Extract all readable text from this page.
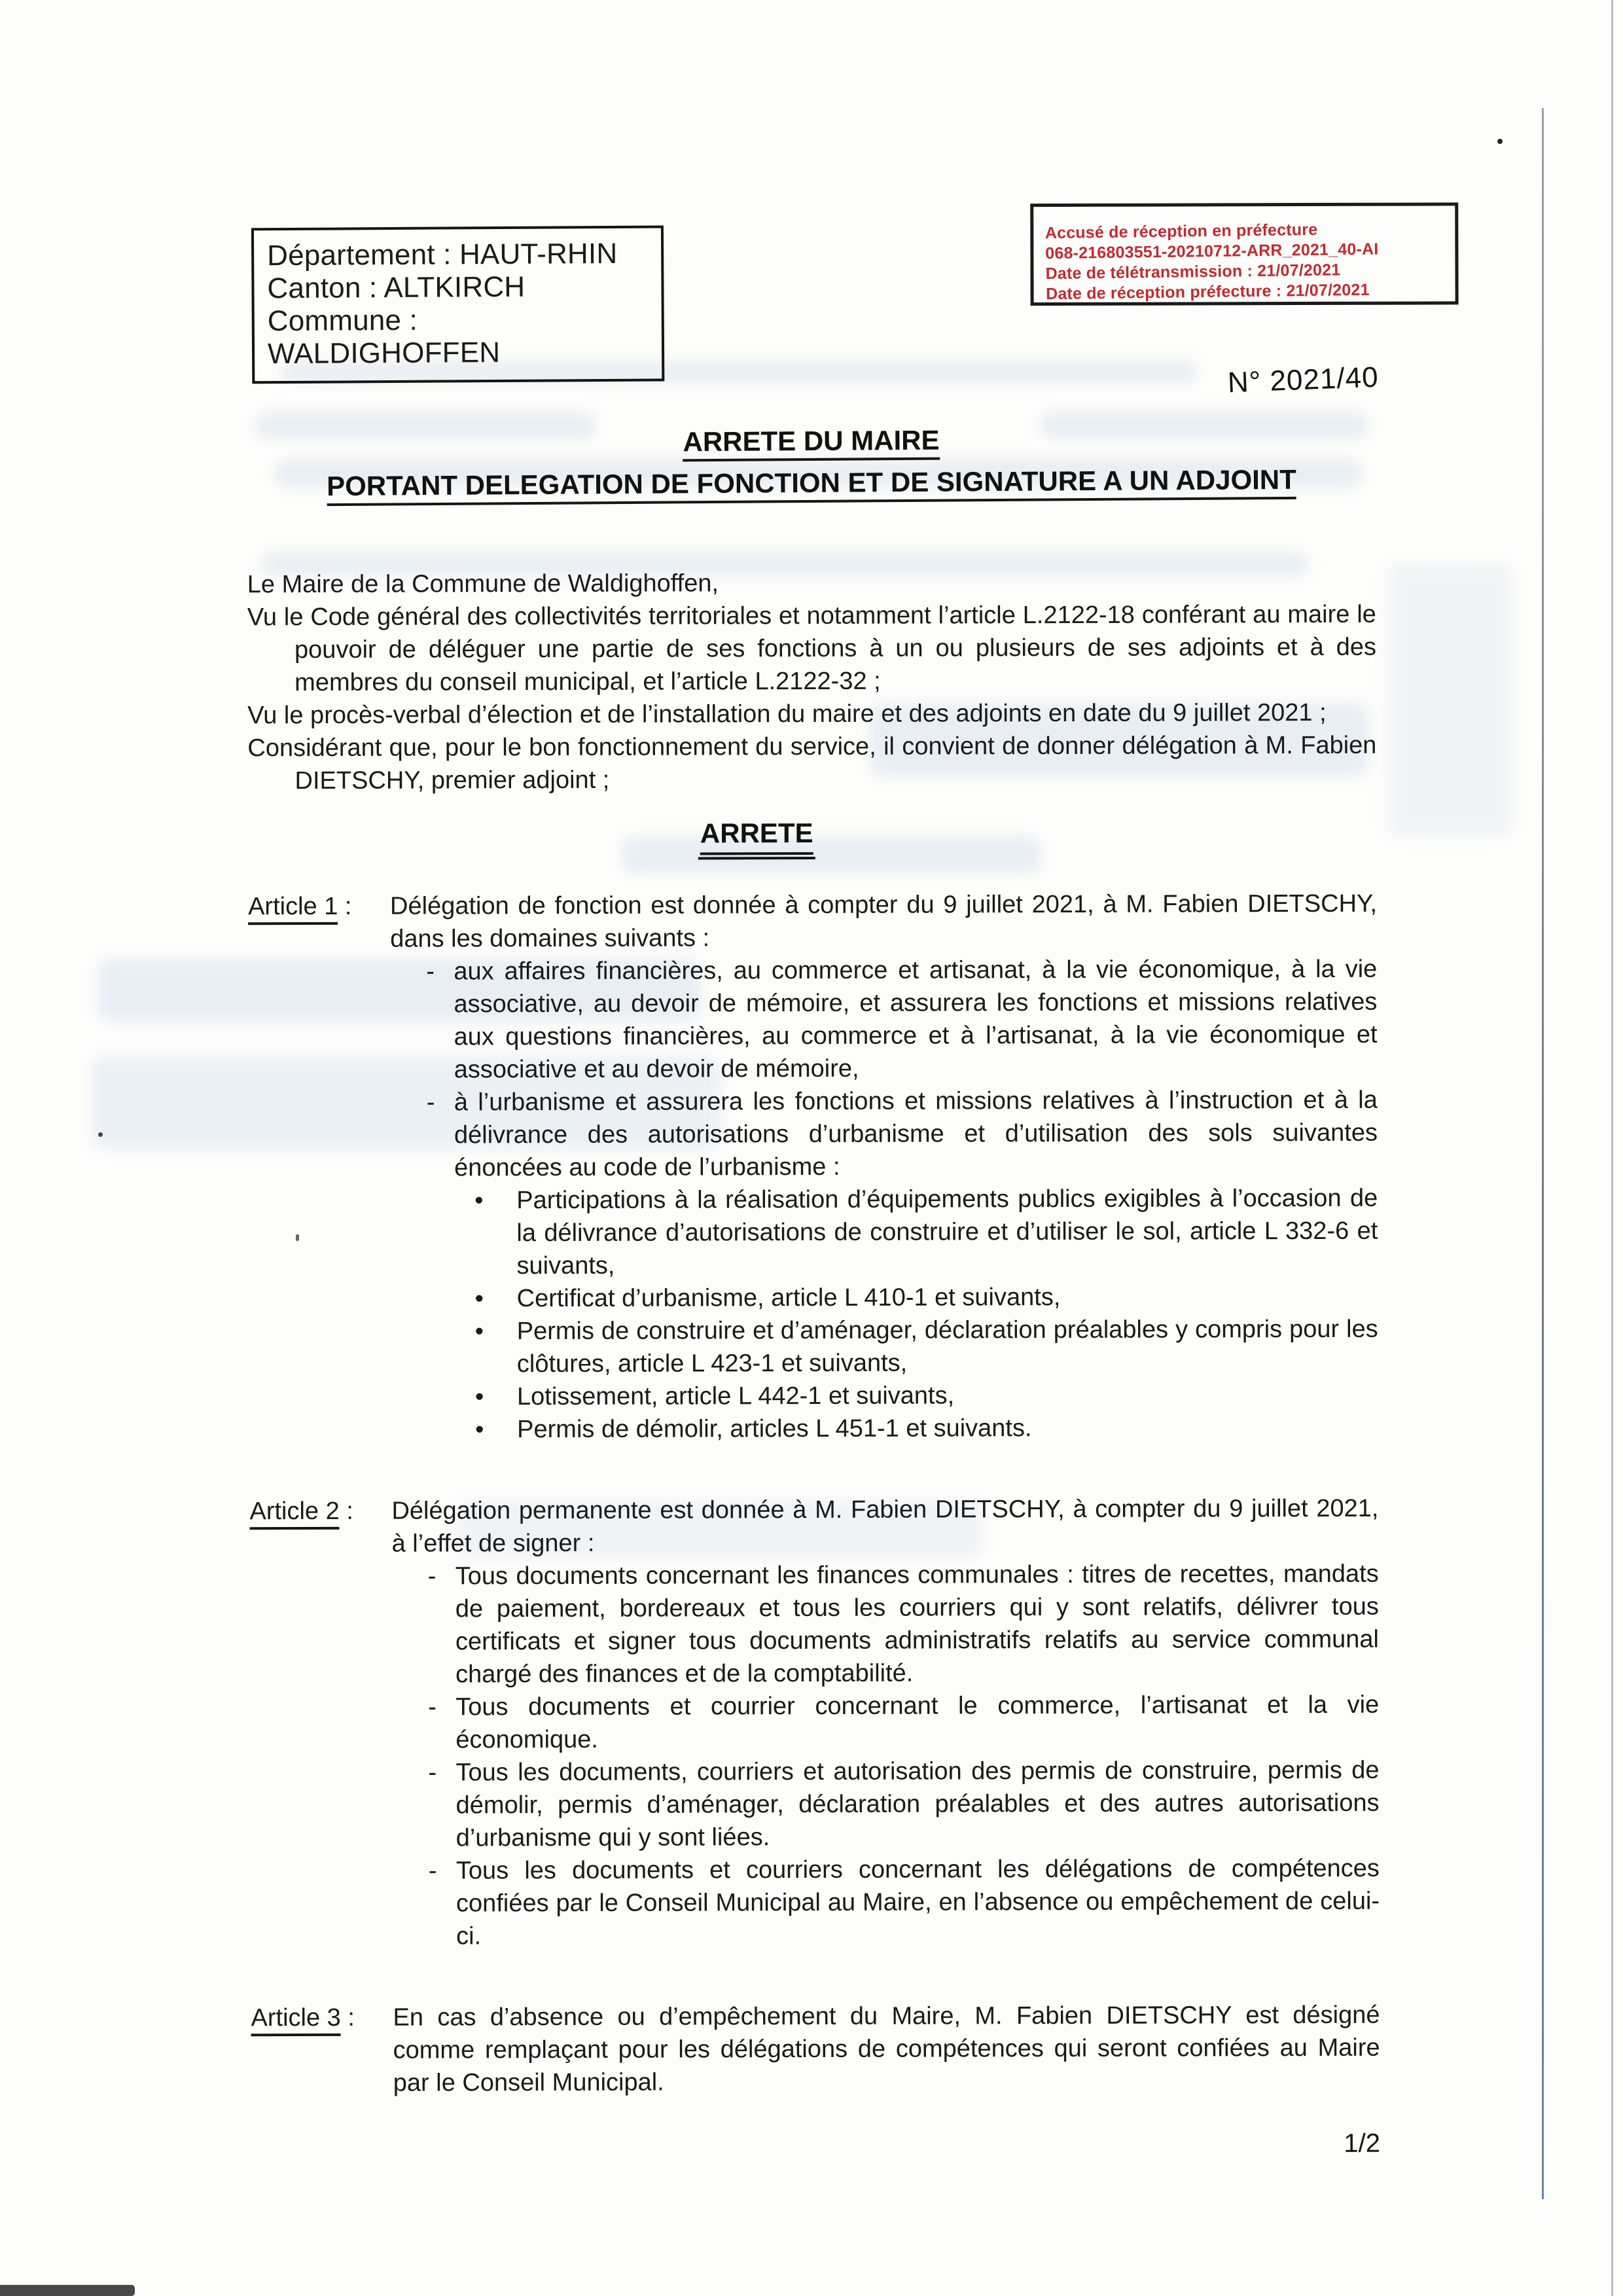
Département : HAUT-RHIN
Canton : ALTKIRCH
Commune : WALDIGHOFFEN
Accusé de réception en préfecture
068-216803551-20210712-ARR_2021_40-AI
Date de télétransmission : 21/07/2021
Date de réception préfecture : 21/07/2021
N° 2021/40
ARRETE DU MAIRE
PORTANT DELEGATION DE FONCTION ET DE SIGNATURE A UN ADJOINT

Le Maire de la Commune de Waldighoffen,

Vu le Code général des collectivités territoriales et notamment l’article L.2122-18 conférant au maire le pouvoir de déléguer une partie de ses fonctions à un ou plusieurs de ses adjoints et à des membres du conseil municipal, et l’article L.2122-32 ;

Vu le procès-verbal d’élection et de l’installation du maire et des adjoints en date du 9 juillet 2021 ;

Considérant que, pour le bon fonctionnement du service, il convient de donner délégation à M. Fabien DIETSCHY, premier adjoint ;

ARRETE
Article 1 :	Délégation de fonction est donnée à compter du 9 juillet 2021, à M. Fabien DIETSCHY, dans les domaines suivants :

- aux affaires financières, au commerce et artisanat, à la vie économique, à la vie associative, au devoir de mémoire, et assurera les fonctions et missions relatives aux questions financières, au commerce et à l’artisanat, à la vie économique et associative et au devoir de mémoire,
- à l’urbanisme et assurera les fonctions et missions relatives à l’instruction et à la délivrance des autorisations d’urbanisme et d’utilisation des sols suivantes énoncées au code de l’urbanisme :
• Participations à la réalisation d’équipements publics exigibles à l’occasion de la délivrance d’autorisations de construire et d’utiliser le sol, article L 332-6 et suivants,
• Certificat d’urbanisme, article L 410-1 et suivants,
• Permis de construire et d’aménager, déclaration préalables y compris pour les clôtures, article L 423-1 et suivants,
• Lotissement, article L 442-1 et suivants,
• Permis de démolir, articles L 451-1 et suivants.
Article 2 :	Délégation permanente est donnée à M. Fabien DIETSCHY, à compter du 9 juillet 2021, à l’effet de signer :

- Tous documents concernant les finances communales : titres de recettes, mandats de paiement, bordereaux et tous les courriers qui y sont relatifs, délivrer tous certificats et signer tous documents administratifs relatifs au service communal chargé des finances et de la comptabilité.
- Tous documents et courrier concernant le commerce, l’artisanat et la vie économique.
- Tous les documents, courriers et autorisation des permis de construire, permis de démolir, permis d’aménager, déclaration préalables et des autres autorisations d’urbanisme qui y sont liées.
- Tous les documents et courriers concernant les délégations de compétences confiées par le Conseil Municipal au Maire, en l’absence ou empêchement de celui-ci.
Article 3 :	En cas d’absence ou d’empêchement du Maire, M. Fabien DIETSCHY est désigné comme remplaçant pour les délégations de compétences qui seront confiées au Maire par le Conseil Municipal.

1/2
